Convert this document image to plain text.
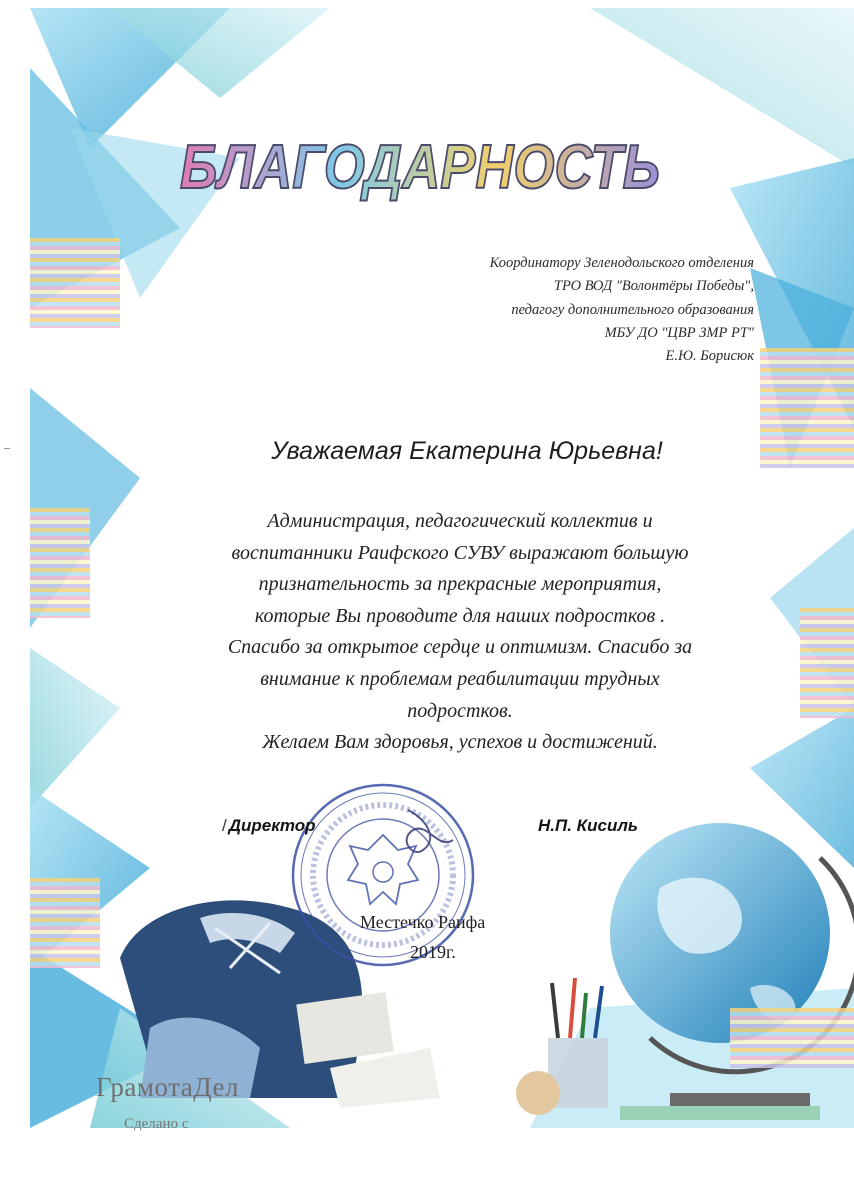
БЛАГОДАРНОСТЬ
Координатору Зеленодольского отделения
ТРО ВОД "Волонтёры Победы",
педагогу дополнительного образования
МБУ ДО "ЦВР ЗМР РТ"
Е.Ю. Борисюк
Уважаемая Екатерина Юрьевна!
Администрация, педагогический коллектив и
воспитанники Раифского СУВУ выражают большую
признательность за прекрасные мероприятия,
которые Вы проводите для наших подростков .
Спасибо за открытое сердце и оптимизм. Спасибо за
внимание к проблемам реабилитации трудных
подростков.
Желаем Вам здоровья, успехов и достижений.
/ Директор	Н.П. Кисиль
Местечко Раифа
2019г.
ГрамотаДел
Сделано с
